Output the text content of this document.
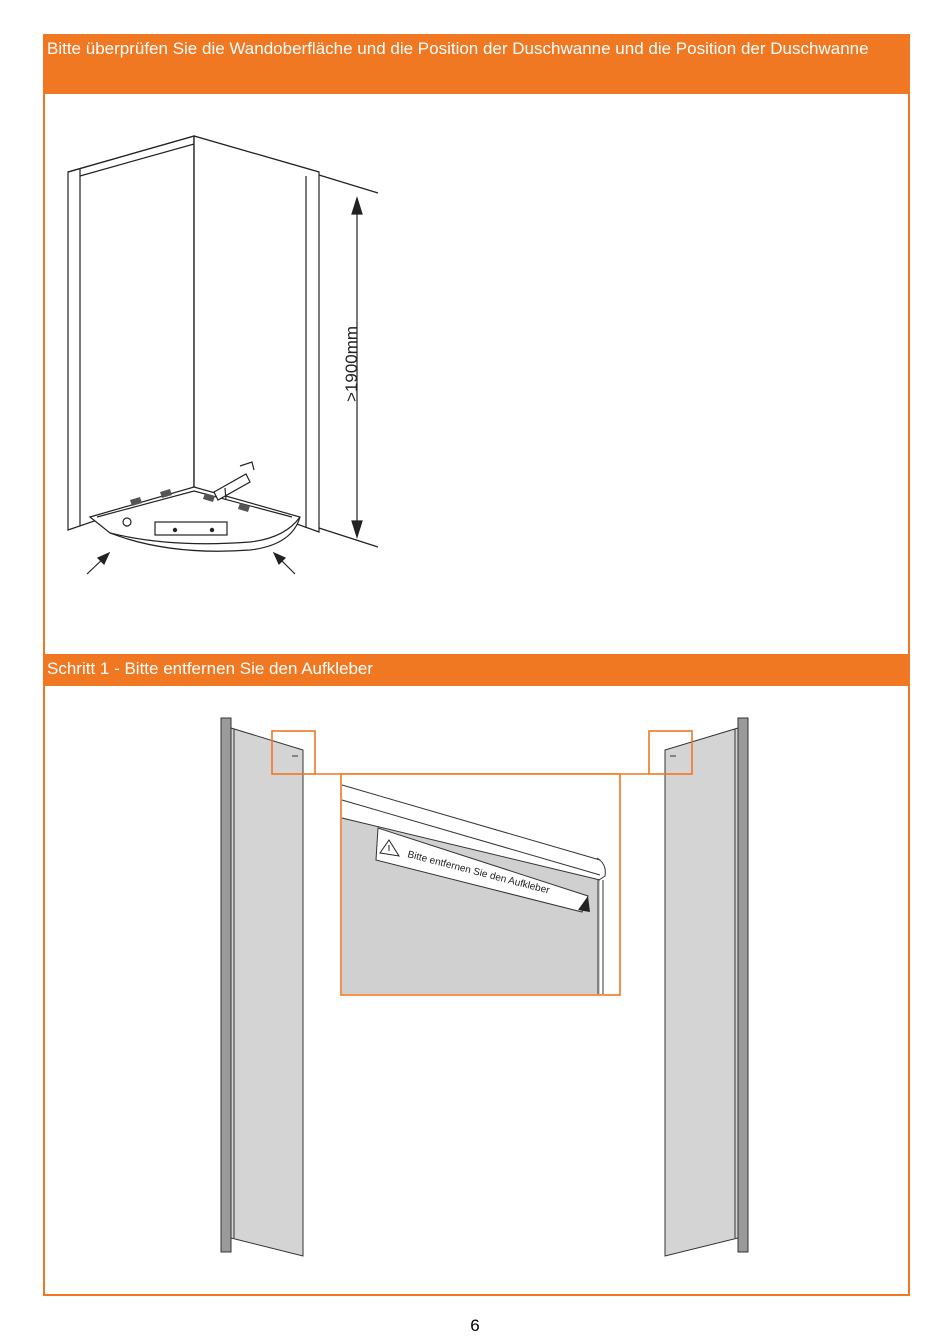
Bitte überprüfen Sie die Wandoberfläche und die Position der Duschwanne und die Position der Duschwanne
Schritt 1 - Bitte entfernen Sie den Aufkleber
>1900mm
Bitte entfernen Sie den Aufkleber
6
